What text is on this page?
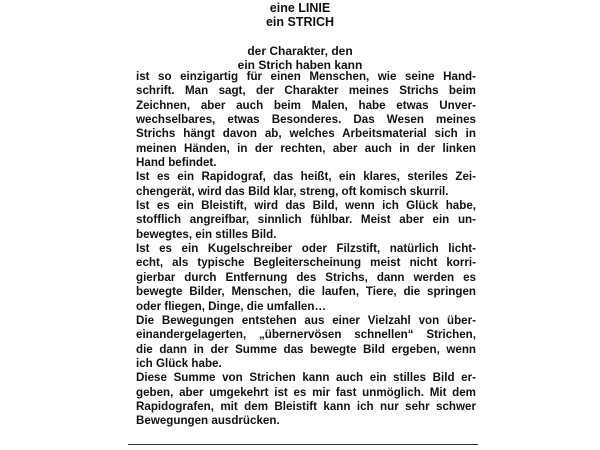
eine LINIE
ein STRICH
der Charakter, den
ein Strich haben kann
ist so einzigartig für einen Menschen, wie seine Hand-
schrift. Man sagt, der Charakter meines Strichs beim
Zeichnen, aber auch beim Malen, habe etwas Unver-
wechselbares, etwas Besonderes. Das Wesen meines
Strichs hängt davon ab, welches Arbeitsmaterial sich in
meinen Händen, in der rechten, aber auch in der linken
Hand befindet.
Ist es ein Rapidograf, das heißt, ein klares, steriles Zei-
chengerät, wird das Bild klar, streng, oft komisch skurril.
Ist es ein Bleistift, wird das Bild, wenn ich Glück habe,
stofflich angreifbar, sinnlich fühlbar. Meist aber ein un-
bewegtes, ein stilles Bild.
Ist es ein Kugelschreiber oder Filzstift, natürlich licht-
echt, als typische Begleiterscheinung meist nicht korri-
gierbar durch Entfernung des Strichs, dann werden es
bewegte Bilder, Menschen, die laufen, Tiere, die springen
oder fliegen, Dinge, die umfallen…
Die Bewegungen entstehen aus einer Vielzahl von über-
einandergelagerten, „übernervösen schnellen“ Strichen,
die dann in der Summe das bewegte Bild ergeben, wenn
ich Glück habe.
Diese Summe von Strichen kann auch ein stilles Bild er-
geben, aber umgekehrt ist es mir fast unmöglich. Mit dem
Rapidografen, mit dem Bleistift kann ich nur sehr schwer
Bewegungen ausdrücken.
